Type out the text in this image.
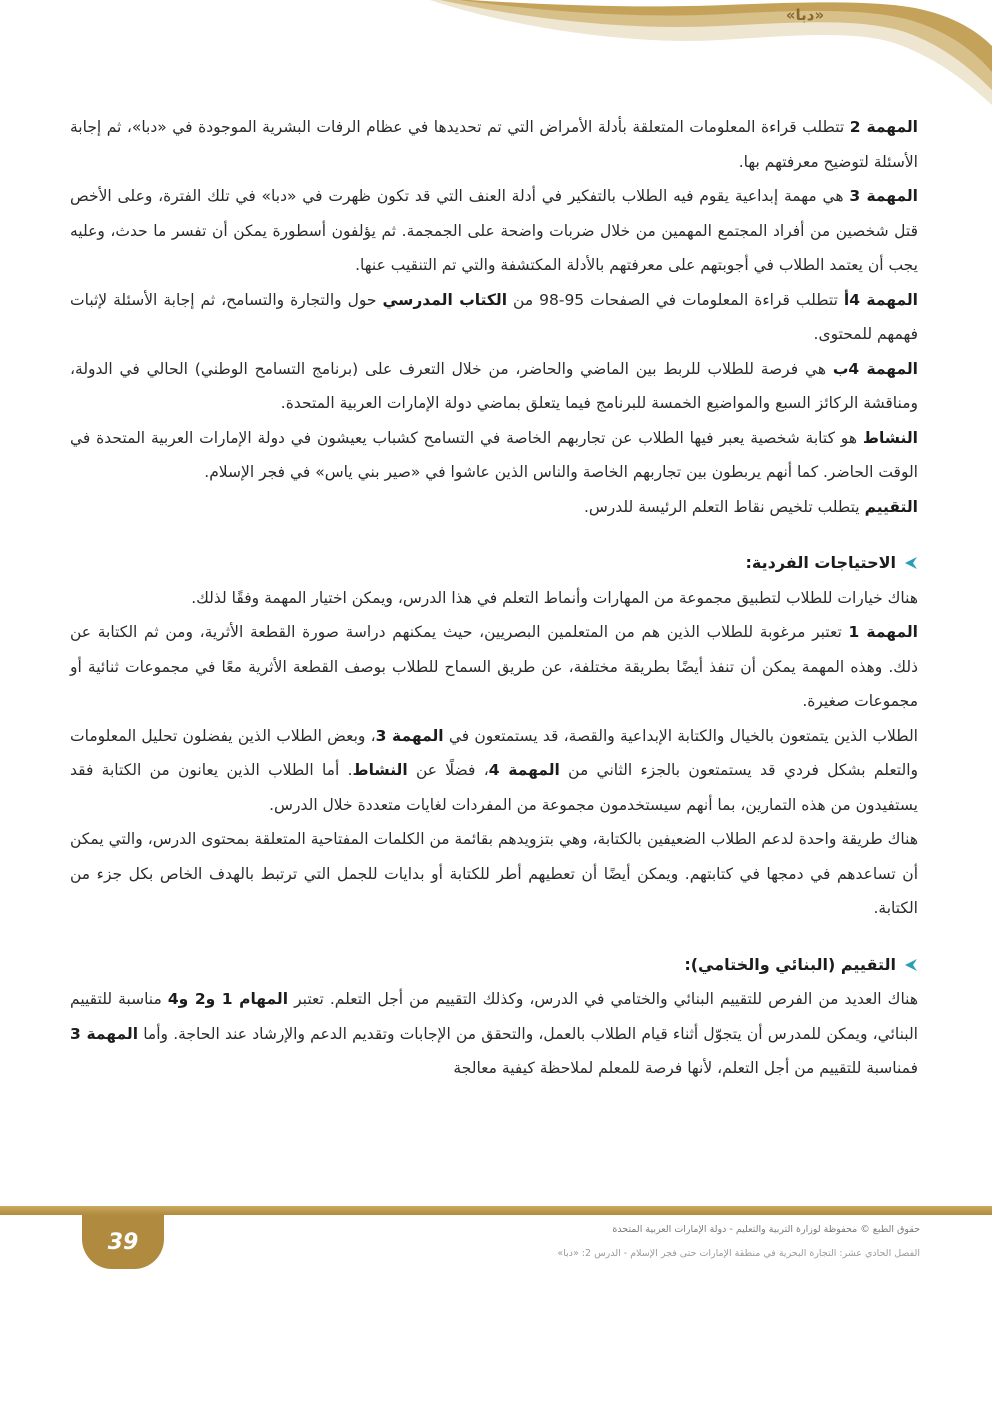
«دبا»

المهمة 2 تتطلب قراءة المعلومات المتعلقة بأدلة الأمراض التي تم تحديدها في عظام الرفات البشرية الموجودة في «دبا»، ثم إجابة الأسئلة لتوضيح معرفتهم بها.

المهمة 3 هي مهمة إبداعية يقوم فيه الطلاب بالتفكير في أدلة العنف التي قد تكون ظهرت في «دبا» في تلك الفترة، وعلى الأخص قتل شخصين من أفراد المجتمع المهمين من خلال ضربات واضحة على الجمجمة. ثم يؤلفون أسطورة يمكن أن تفسر ما حدث، وعليه يجب أن يعتمد الطلاب في أجوبتهم على معرفتهم بالأدلة المكتشفة والتي تم التنقيب عنها.

المهمة 4أ تتطلب قراءة المعلومات في الصفحات 95-98 من الكتاب المدرسي حول والتجارة والتسامح، ثم إجابة الأسئلة لإثبات فهمهم للمحتوى.

المهمة 4ب هي فرصة للطلاب للربط بين الماضي والحاضر، من خلال التعرف على (برنامج التسامح الوطني) الحالي في الدولة، ومناقشة الركائز السبع والمواضيع الخمسة للبرنامج فيما يتعلق بماضي دولة الإمارات العربية المتحدة.

النشاط هو كتابة شخصية يعبر فيها الطلاب عن تجاربهم الخاصة في التسامح كشباب يعيشون في دولة الإمارات العربية المتحدة في الوقت الحاضر. كما أنهم يربطون بين تجاربهم الخاصة والناس الذين عاشوا في «صير بني ياس» في فجر الإسلام.

التقييم يتطلب تلخيص نقاط التعلم الرئيسة للدرس.

الاحتياجات الفردية:

هناك خيارات للطلاب لتطبيق مجموعة من المهارات وأنماط التعلم في هذا الدرس، ويمكن اختيار المهمة وفقًا لذلك.

المهمة 1 تعتبر مرغوبة للطلاب الذين هم من المتعلمين البصريين، حيث يمكنهم دراسة صورة القطعة الأثرية، ومن ثم الكتابة عن ذلك. وهذه المهمة يمكن أن تنفذ أيضًا بطريقة مختلفة، عن طريق السماح للطلاب بوصف القطعة الأثرية معًا في مجموعات ثنائية أو مجموعات صغيرة.

الطلاب الذين يتمتعون بالخيال والكتابة الإبداعية والقصة، قد يستمتعون في المهمة 3، وبعض الطلاب الذين يفضلون تحليل المعلومات والتعلم بشكل فردي قد يستمتعون بالجزء الثاني من المهمة 4، فضلًا عن النشاط. أما الطلاب الذين يعانون من الكتابة فقد يستفيدون من هذه التمارين، بما أنهم سيستخدمون مجموعة من المفردات لغايات متعددة خلال الدرس.

هناك طريقة واحدة لدعم الطلاب الضعيفين بالكتابة، وهي بتزويدهم بقائمة من الكلمات المفتاحية المتعلقة بمحتوى الدرس، والتي يمكن أن تساعدهم في دمجها في كتابتهم. ويمكن أيضًا أن تعطيهم أطر للكتابة أو بدايات للجمل التي ترتبط بالهدف الخاص بكل جزء من الكتابة.

التقييم (البنائي والختامي):

هناك العديد من الفرص للتقييم البنائي والختامي في الدرس، وكذلك التقييم من أجل التعلم. تعتبر المهام 1 و2 و4 مناسبة للتقييم البنائي، ويمكن للمدرس أن يتجوّل أثناء قيام الطلاب بالعمل، والتحقق من الإجابات وتقديم الدعم والإرشاد عند الحاجة. وأما المهمة 3 فمناسبة للتقييم من أجل التعلم، لأنها فرصة للمعلم لملاحظة كيفية معالجة

39	حقوق الطبع © محفوظة لوزارة التربية والتعليم - دولة الإمارات العربية المتحدة
الفصل الحادي عشر: التجارة البحرية في منطقة الإمارات حتى فجر الإسلام - الدرس 2: «دبا»
